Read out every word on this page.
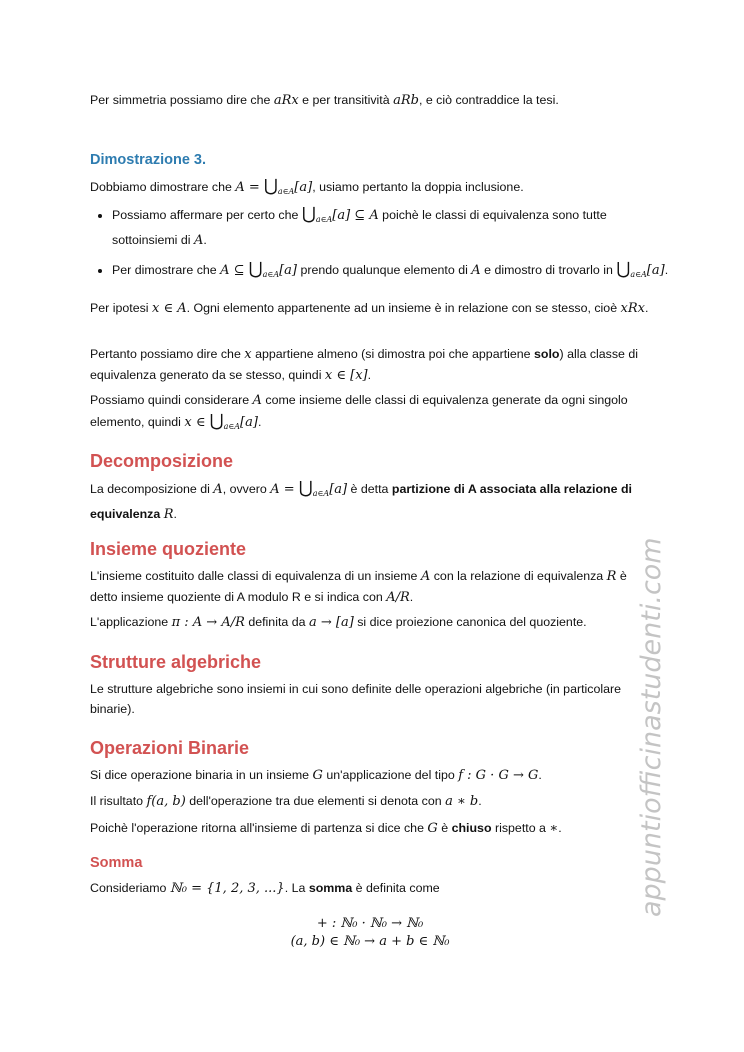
Per simmetria possiamo dire che aRx e per transitività aRb, e ciò contraddice la tesi.
Dimostrazione 3.
Dobbiamo dimostrare che $A = ⋃_{a\in A}[a]$, usiamo pertanto la doppia inclusione.
• Possiamo affermare per certo che $⋃_{a\in A}[a]$ ⊆ A poichè le classi di equivalenza sono tutte sottoinsiemi di A.
• Per dimostrare che A ⊆ $⋃_{a\in A}[a]$ prendo qualunque elemento di A e dimostro di trovarlo in $⋃_{a\in A}[a]$.
Per ipotesi x ∈ A. Ogni elemento appartenente ad un insieme è in relazione con se stesso, cioè xRx.
Pertanto possiamo dire che x appartiene almeno (si dimostra poi che appartiene solo) alla classe di equivalenza generato da se stesso, quindi x ∈ [x].
Possiamo quindi considerare A come insieme delle classi di equivalenza generate da ogni singolo elemento, quindi x ∈ $⋃_{a\in A}[a]$.
Decomposizione
La decomposizione di A, ovvero $A = ⋃_{a\in A}[a]$ è detta partizione di A associata alla relazione di equivalenza R.
Insieme quoziente
L'insieme costituito dalle classi di equivalenza di un insieme A con la relazione di equivalenza R è detto insieme quoziente di A modulo R e si indica con A/R.
L'applicazione π : A → A/R definita da a → [a] si dice proiezione canonica del quoziente.
Strutture algebriche
Le strutture algebriche sono insiemi in cui sono definite delle operazioni algebriche (in particolare binarie).
Operazioni Binarie
Si dice operazione binaria in un insieme G un'applicazione del tipo f : G · G → G.
Il risultato f(a, b) dell'operazione tra due elementi si denota con a ∗ b.
Poichè l'operazione ritorna all'insieme di partenza si dice che G è chiuso rispetto a ∗.
Somma
Consideriamo ℕ₀ = {1, 2, 3, ...}. La somma è definita come
+ : ℕ₀ · ℕ₀ → ℕ₀
(a, b) ∈ ℕ₀ → a + b ∈ ℕ₀
appuntiofficinastudenti.com
